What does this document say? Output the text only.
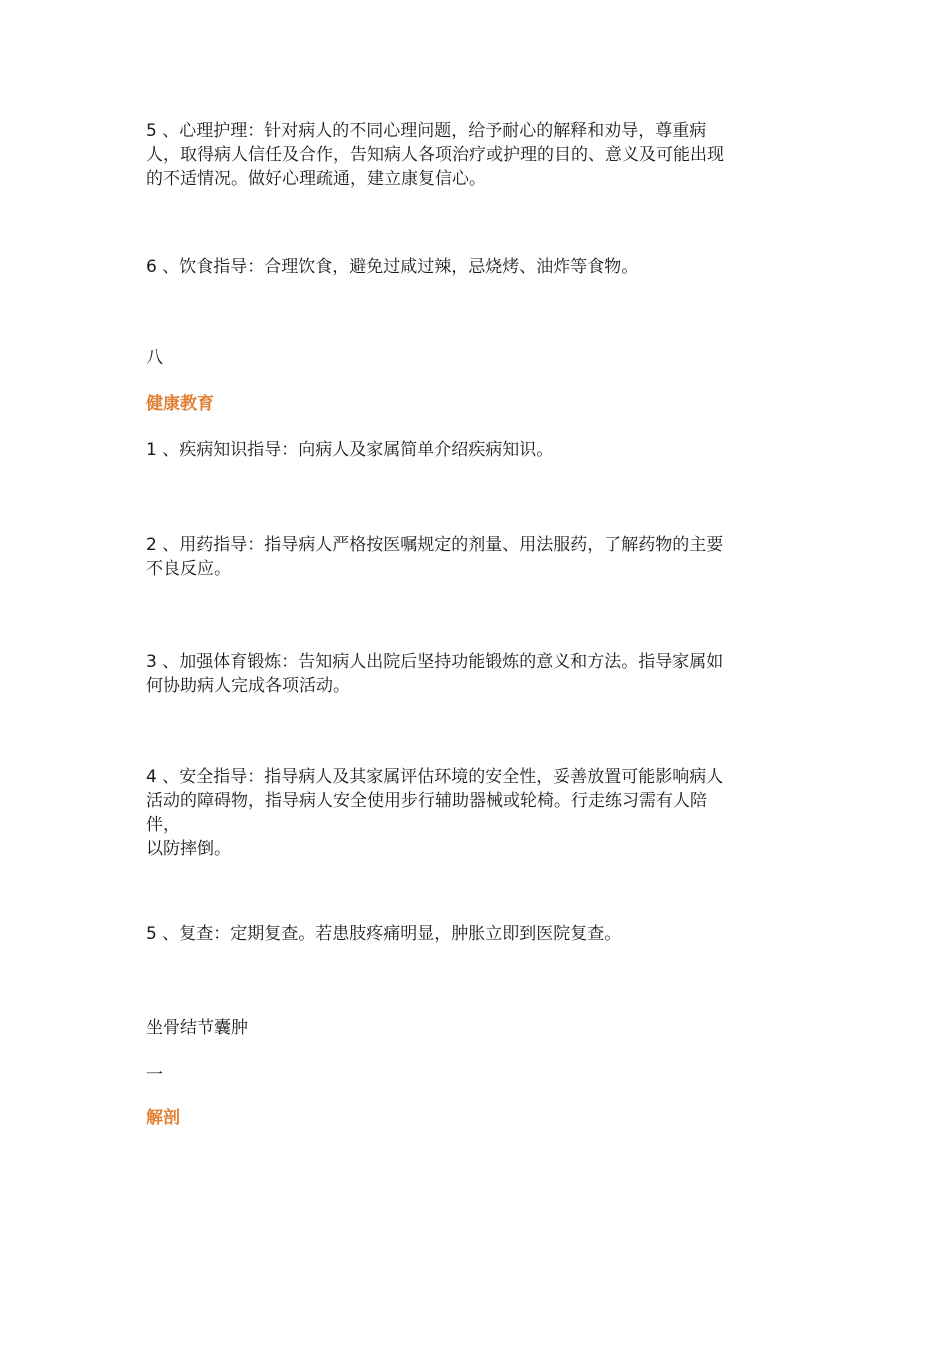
5 、心理护理：针对病人的不同心理问题，给予耐心的解释和劝导，尊重病
人，取得病人信任及合作，告知病人各项治疗或护理的目的、意义及可能出现
的不适情况。做好心理疏通，建立康复信心。

6 、饮食指导：合理饮食，避免过咸过辣，忌烧烤、油炸等食物。

八

健康教育

1 、疾病知识指导：向病人及家属简单介绍疾病知识。

2 、用药指导：指导病人严格按医嘱规定的剂量、用法服药，了解药物的主要
不良反应。

3 、加强体育锻炼：告知病人出院后坚持功能锻炼的意义和方法。指导家属如
何协助病人完成各项活动。

4 、安全指导：指导病人及其家属评估环境的安全性，妥善放置可能影响病人
活动的障碍物，指导病人安全使用步行辅助器械或轮椅。行走练习需有人陪
伴，
以防摔倒。

5 、复查：定期复查。若患肢疼痛明显，肿胀立即到医院复查。

坐骨结节囊肿

一

解剖
